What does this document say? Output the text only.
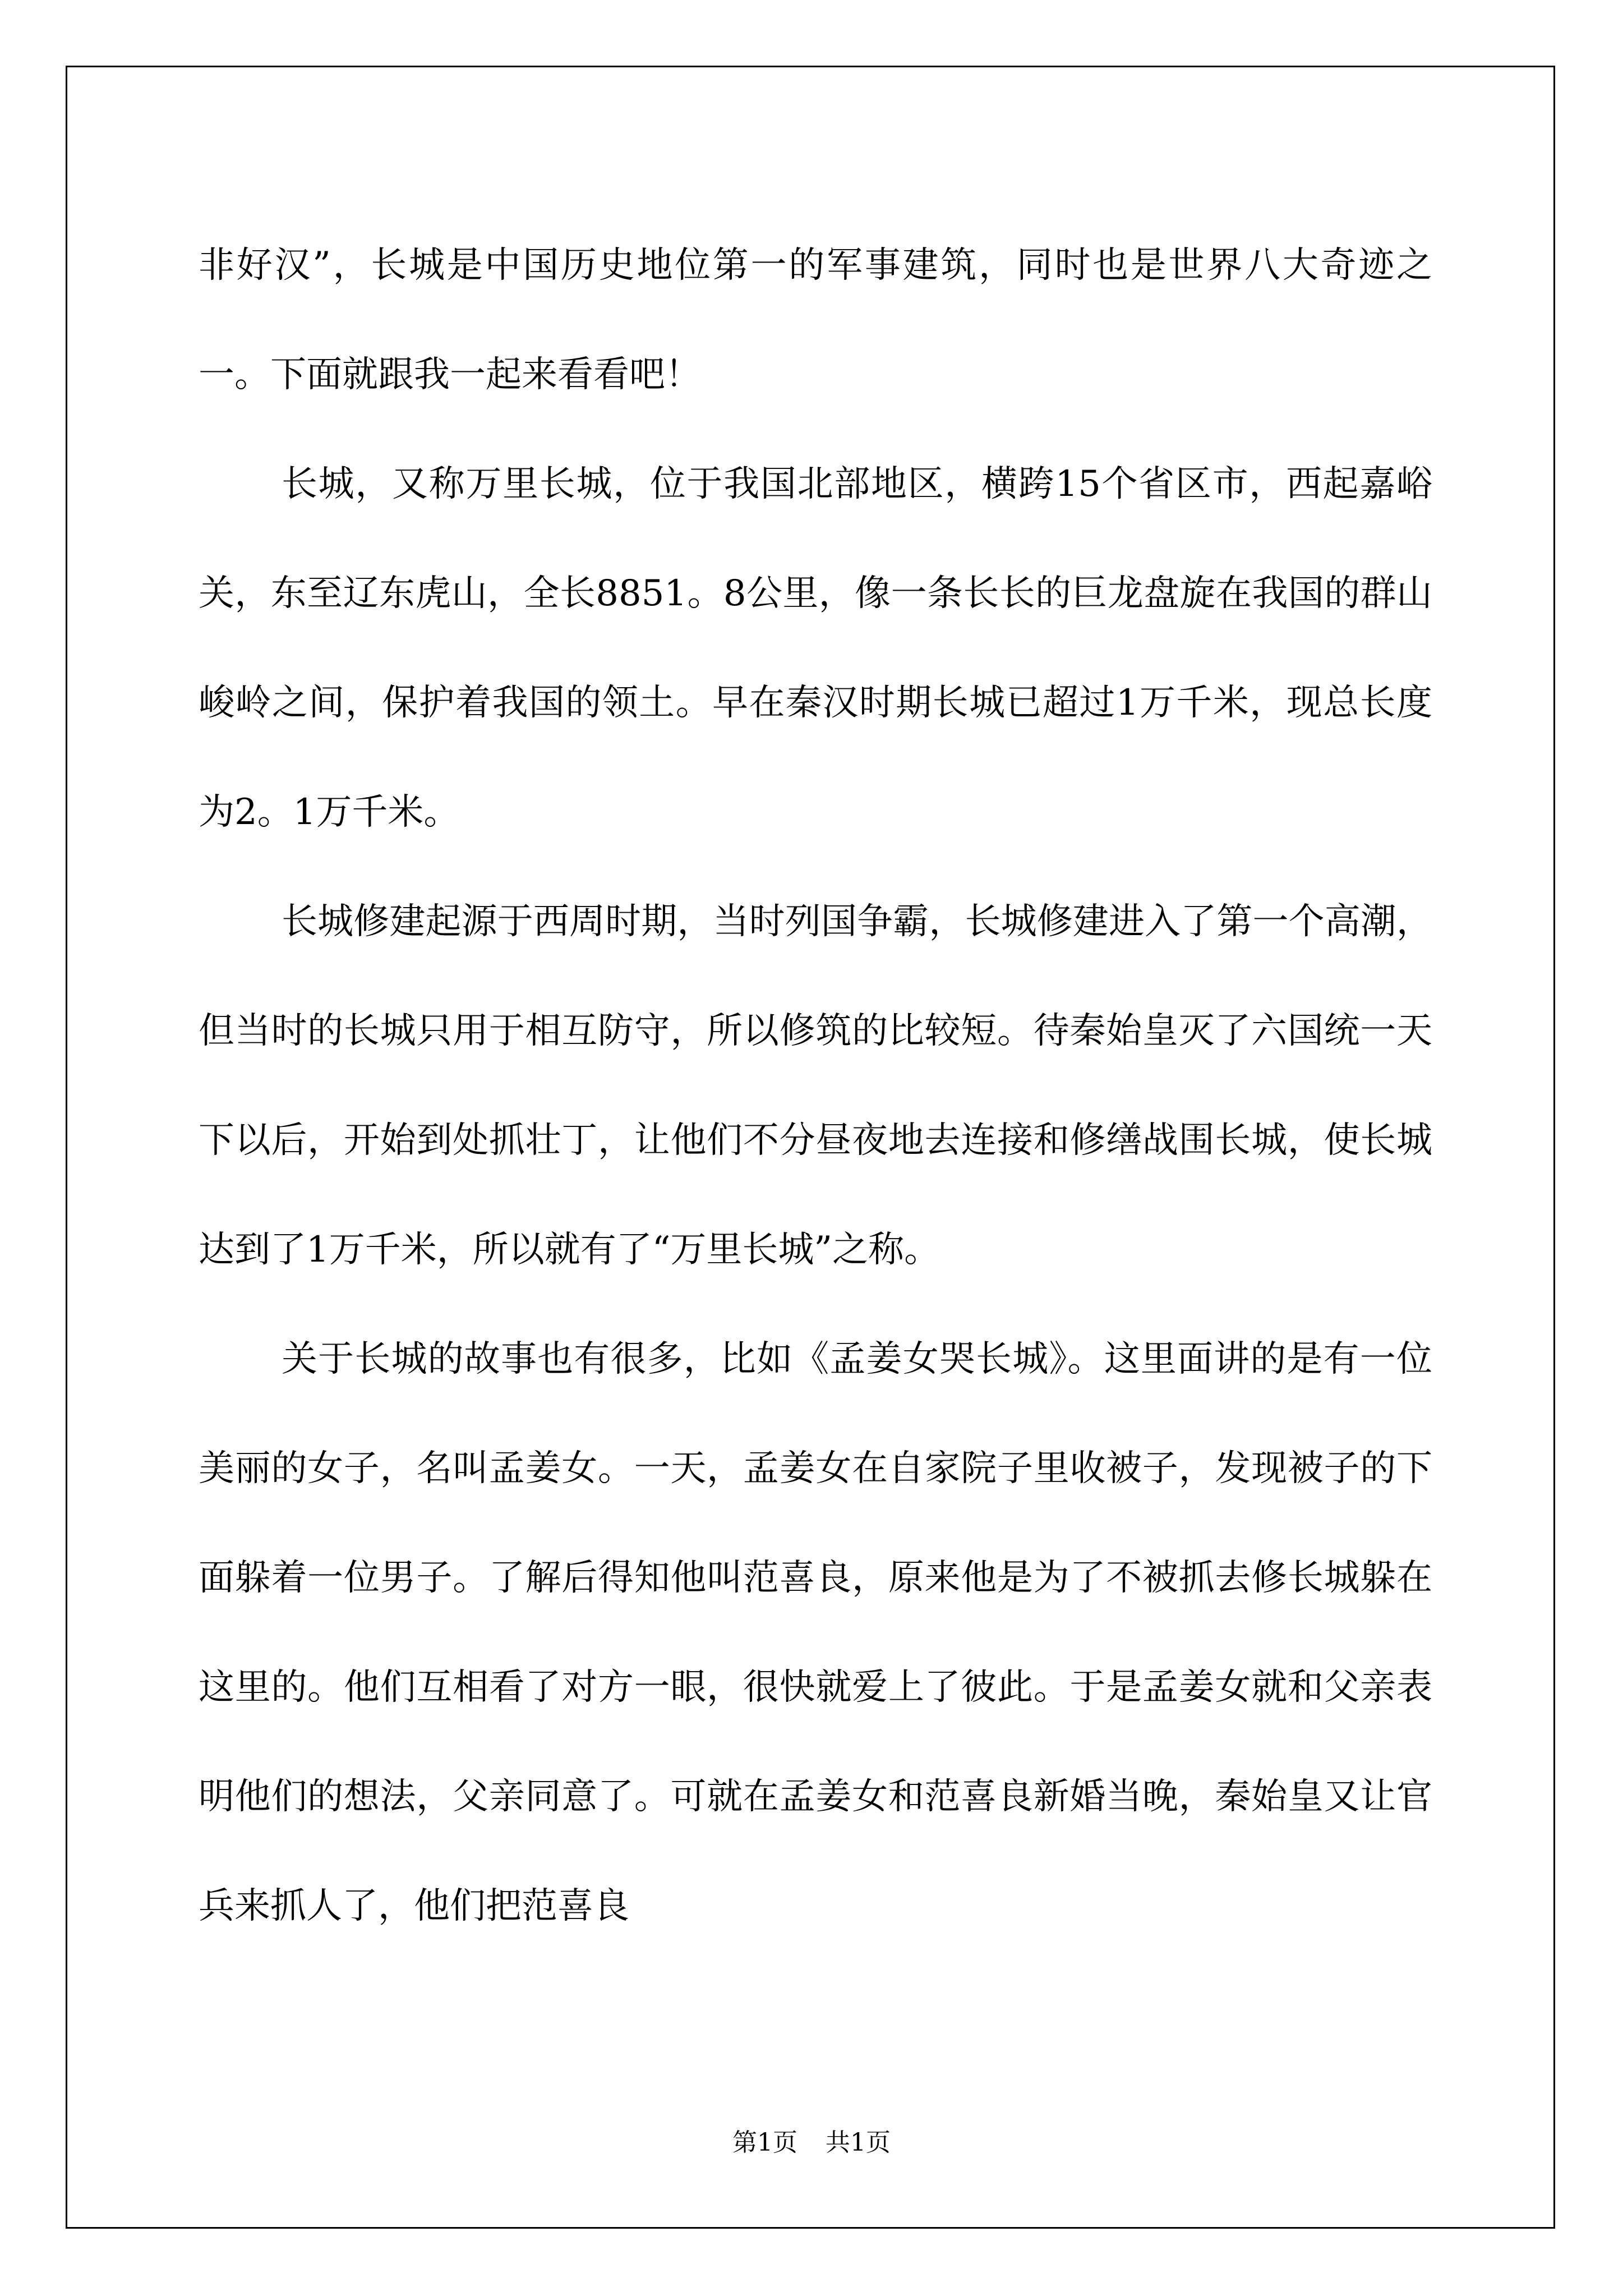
非好汉”，长城是中国历史地位第一的军事建筑，同时也是世界八大奇迹之一。下面就跟我一起来看看吧！

长城，又称万里长城，位于我国北部地区，横跨15个省区市，西起嘉峪关，东至辽东虎山，全长8851。8公里，像一条长长的巨龙盘旋在我国的群山峻岭之间，保护着我国的领土。早在秦汉时期长城已超过1万千米，现总长度为2。1万千米。

长城修建起源于西周时期，当时列国争霸，长城修建进入了第一个高潮，但当时的长城只用于相互防守，所以修筑的比较短。待秦始皇灭了六国统一天下以后，开始到处抓壮丁，让他们不分昼夜地去连接和修缮战围长城，使长城达到了1万千米，所以就有了“万里长城”之称。

关于长城的故事也有很多，比如《孟姜女哭长城》。这里面讲的是有一位美丽的女子，名叫孟姜女。一天，孟姜女在自家院子里收被子，发现被子的下面躲着一位男子。了解后得知他叫范喜良，原来他是为了不被抓去修长城躲在这里的。他们互相看了对方一眼，很快就爱上了彼此。于是孟姜女就和父亲表明他们的想法，父亲同意了。可就在孟姜女和范喜良新婚当晚，秦始皇又让官兵来抓人了，他们把范喜良

第1页 共1页
